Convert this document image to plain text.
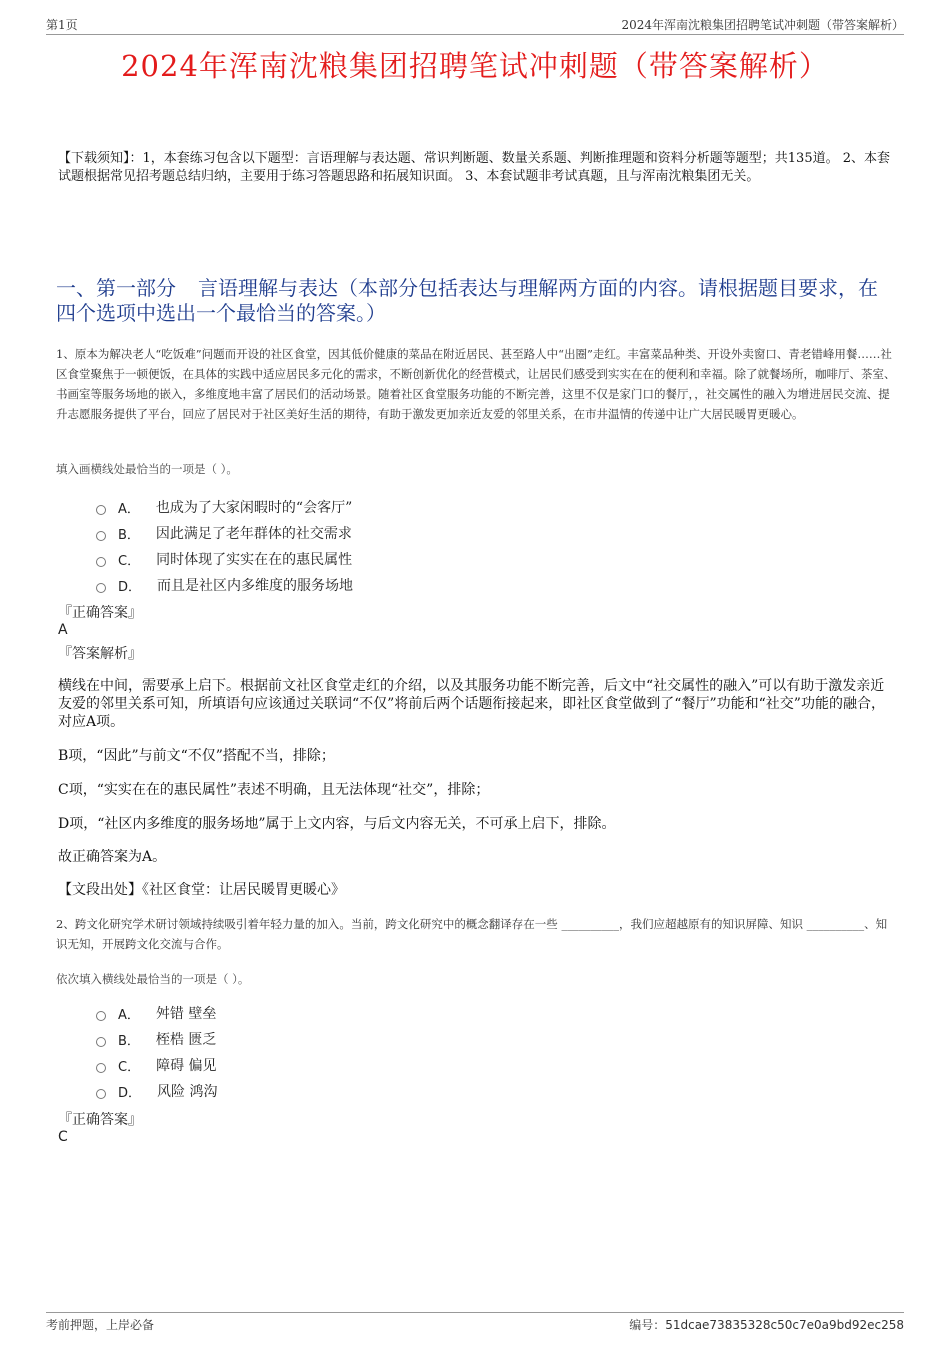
第1页	2024年浑南沈粮集团招聘笔试冲刺题（带答案解析）
2024年浑南沈粮集团招聘笔试冲刺题（带答案解析）
【下载须知】：1，本套练习包含以下题型：言语理解与表达题、常识判断题、数量关系题、判断推理题和资料分析题等题型；共135道。 2、本套试题根据常见招考题总结归纳，主要用于练习答题思路和拓展知识面。 3、本套试题非考试真题，且与浑南沈粮集团无关。
一、第一部分 言语理解与表达（本部分包括表达与理解两方面的内容。请根据题目要求，在四个选项中选出一个最恰当的答案。）
1、原本为解决老人“吃饭难”问题而开设的社区食堂，因其低价健康的菜品在附近居民、甚至路人中“出圈”走红。丰富菜品种类、开设外卖窗口、青老错峰用餐……社区食堂聚焦于一顿便饭，在具体的实践中适应居民多元化的需求，不断创新优化的经营模式，让居民们感受到实实在在的便利和幸福。除了就餐场所，咖啡厅、茶室、书画室等服务场地的嵌入，多维度地丰富了居民们的活动场景。随着社区食堂服务功能的不断完善，这里不仅是家门口的餐厅，，社交属性的融入为增进居民交流、提升志愿服务提供了平台，回应了居民对于社区美好生活的期待，有助于激发更加亲近友爱的邻里关系，在市井温情的传递中让广大居民暖胃更暖心。
填入画横线处最恰当的一项是（ ）。
A． 也成为了大家闲暇时的“会客厅”
B． 因此满足了老年群体的社交需求
C． 同时体现了实实在在的惠民属性
D． 而且是社区内多维度的服务场地
『正确答案』
A
『答案解析』
横线在中间，需要承上启下。根据前文社区食堂走红的介绍，以及其服务功能不断完善，后文中“社交属性的融入”可以有助于激发亲近友爱的邻里关系可知，所填语句应该通过关联词“不仅”将前后两个话题衔接起来，即社区食堂做到了“餐厅”功能和“社交”功能的融合，对应A项。
B项，“因此”与前文“不仅”搭配不当，排除；
C项，“实实在在的惠民属性”表述不明确，且无法体现“社交”，排除；
D项，“社区内多维度的服务场地”属于上文内容，与后文内容无关，不可承上启下，排除。
故正确答案为A。
【文段出处】《社区食堂：让居民暖胃更暖心》
2、跨文化研究学术研讨领域持续吸引着年轻力量的加入。当前，跨文化研究中的概念翻译存在一些 __________，我们应超越原有的知识屏障、知识 __________、知识无知，开展跨文化交流与合作。
依次填入横线处最恰当的一项是（ ）。
A． 舛错 壁垒
B． 桎梏 匮乏
C． 障碍 偏见
D． 风险 鸿沟
『正确答案』
C
考前押题，上岸必备	编号：51dcae73835328c50c7e0a9bd92ec258
